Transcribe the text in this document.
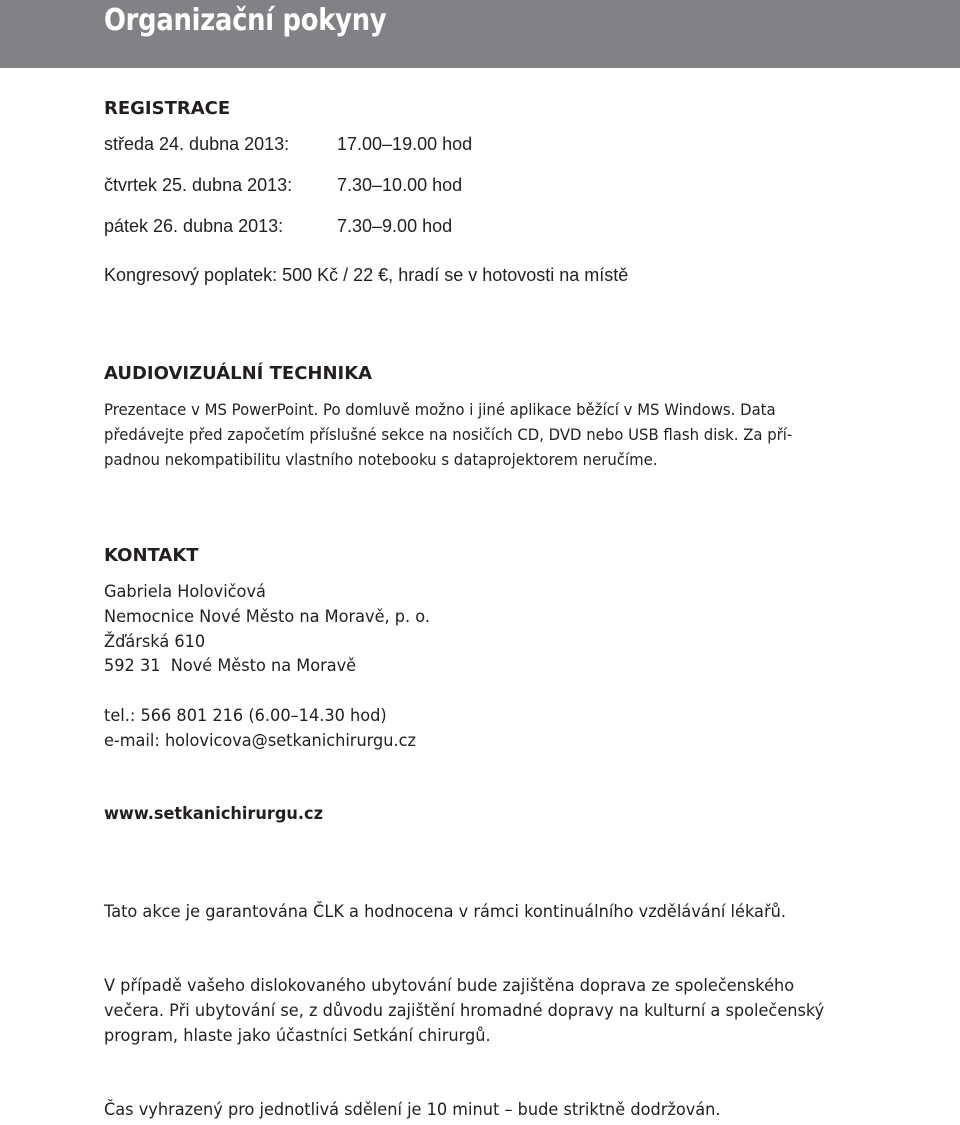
Organizační pokyny
REGISTRACE
středa 24. dubna 2013:	17.00–19.00 hod
čtvrtek 25. dubna 2013: 7.30–10.00 hod
pátek 26. dubna 2013:	7.30–9.00 hod
Kongresový poplatek: 500 Kč / 22 €, hradí se v hotovosti na místě
AUDIOVIZUÁLNÍ TECHNIKA
Prezentace v MS PowerPoint. Po domluvě možno i jiné aplikace běžící v MS Windows. Data
předávejte před započetím příslušné sekce na nosičích CD, DVD nebo USB flash disk. Za pří-
padnou nekompatibilitu vlastního notebooku s dataprojektorem neručíme.
KONTAKT
Gabriela Holovičová
Nemocnice Nové Město na Moravě, p. o.
Žďárská 610
592 31  Nové Město na Moravě
tel.: 566 801 216 (6.00–14.30 hod)
e-mail: holovicova@setkanichirurgu.cz
www.setkanichirurgu.cz
Tato akce je garantována ČLK a hodnocena v rámci kontinuálního vzdělávání lékařů.
V případě vašeho dislokovaného ubytování bude zajištěna doprava ze společenského
večera. Při ubytování se, z důvodu zajištění hromadné dopravy na kulturní a společenský
program, hlaste jako účastníci Setkání chirurgů.
Čas vyhrazený pro jednotlivá sdělení je 10 minut – bude striktně dodržován.
